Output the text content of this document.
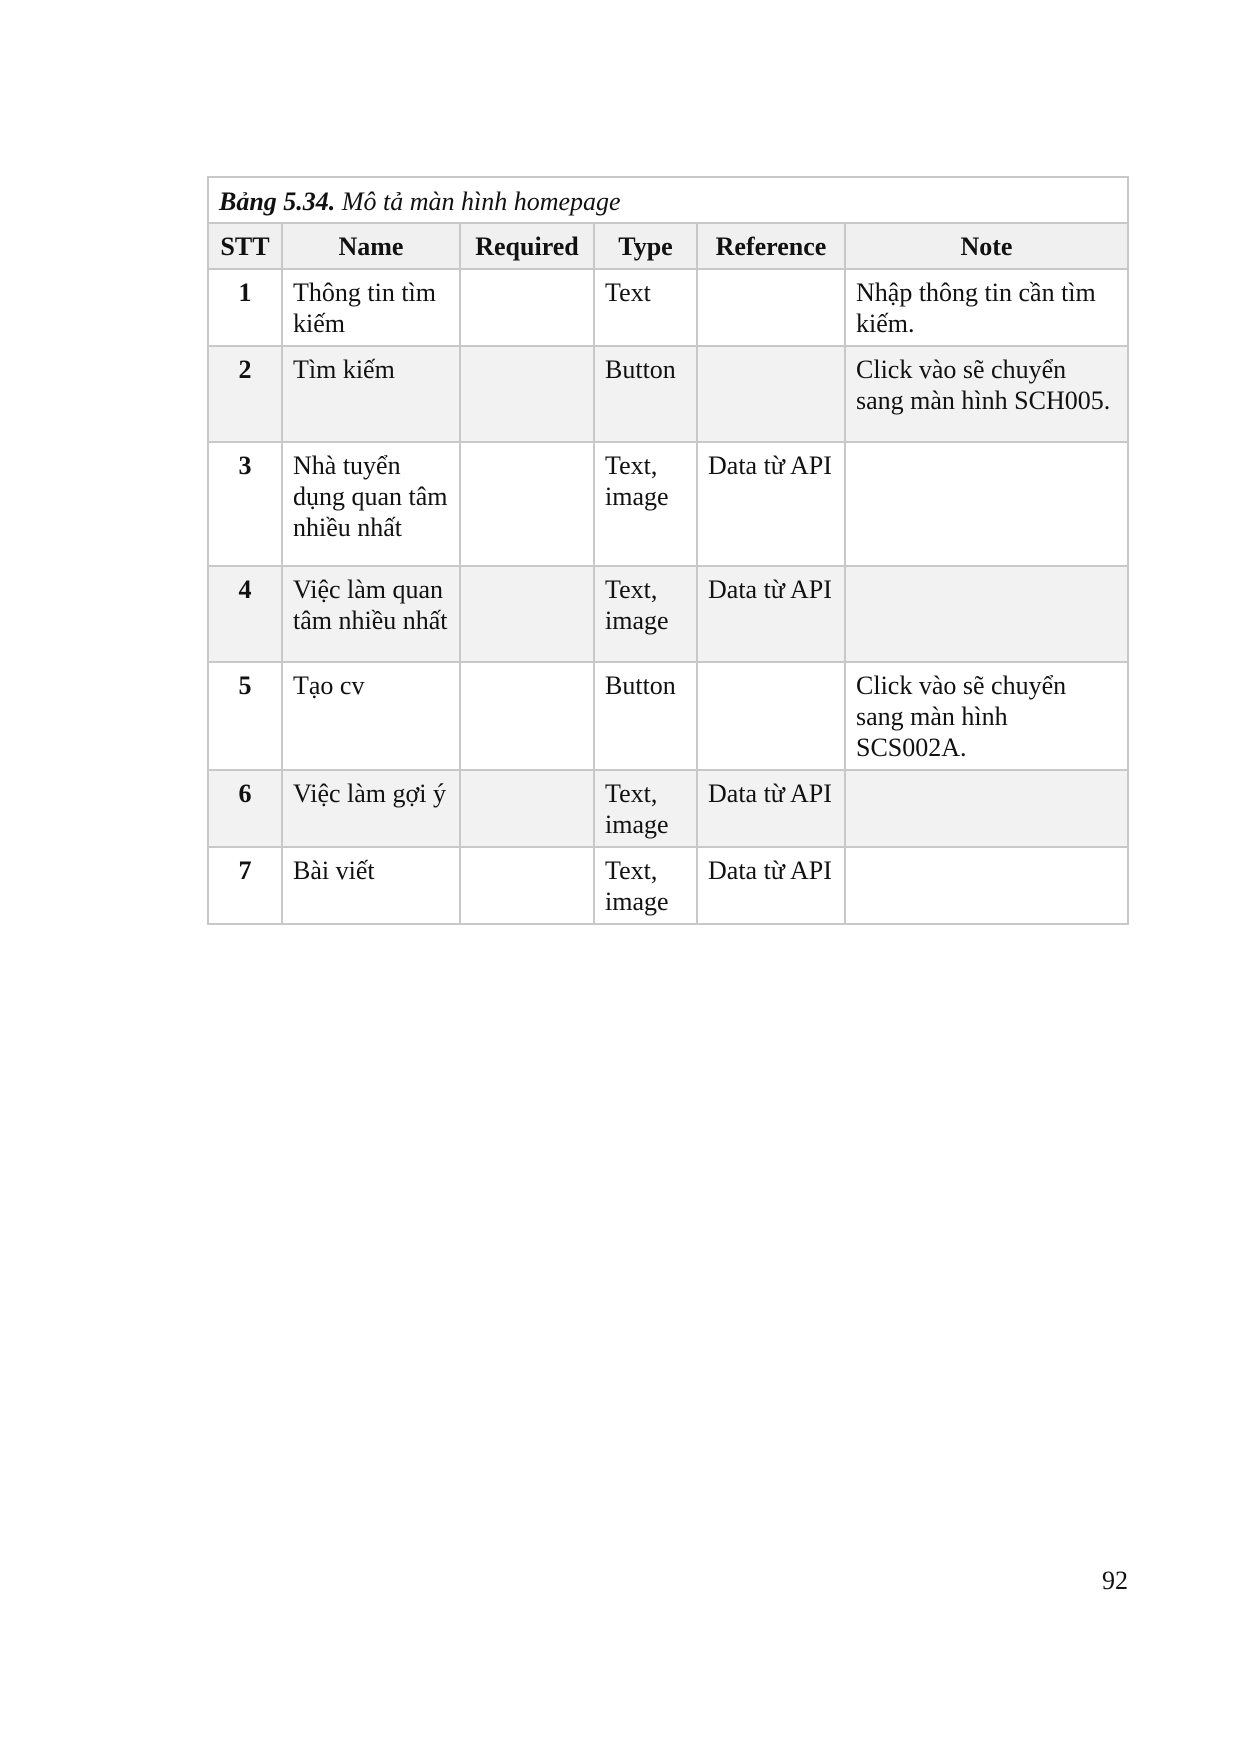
Bảng 5.34. Mô tả màn hình homepage					
STT	Name	Required	Type	Reference	Note
1	Thông tin tìm kiếm		Text		Nhập thông tin cần tìm kiếm.
2	Tìm kiếm		Button		Click vào sẽ chuyển sang màn hình SCH005.
3	Nhà tuyển dụng quan tâm nhiều nhất		Text, image	Data từ API	
4	Việc làm quan tâm nhiều nhất		Text, image	Data từ API	
5	Tạo cv		Button		Click vào sẽ chuyển sang màn hình SCS002A.
6	Việc làm gợi ý		Text, image	Data từ API	
7	Bài viết		Text, image	Data từ API	
92
